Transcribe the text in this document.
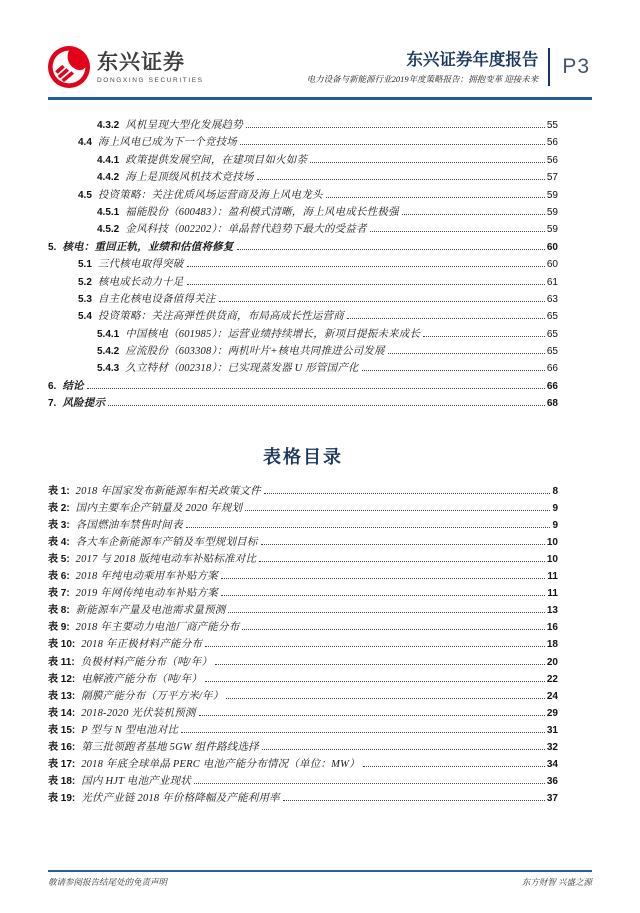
东兴证券
DONGXING SECURITIES
东兴证券年度报告
电力设备与新能源行业2019年度策略报告：拥抱变革 迎接未来
P3
4.3.2 风机呈现大型化发展趋势	55
4.4 海上风电已成为下一个竞技场	56
4.4.1 政策提供发展空间，在建项目如火如荼	56
4.4.2 海上是顶级风机技术竞技场	57
4.5 投资策略：关注优质风场运营商及海上风电龙头	59
4.5.1 福能股份（600483）：盈利模式清晰，海上风电成长性极强	59
4.5.2 金风科技（002202）：单晶替代趋势下最大的受益者	59
5. 核电：重回正轨，业绩和估值将修复	60
5.1 三代核电取得突破	60
5.2 核电成长动力十足	61
5.3 自主化核电设备值得关注	63
5.4 投资策略：关注高弹性供货商，布局高成长性运营商	65
5.4.1 中国核电（601985）：运营业绩持续增长，新项目提振未来成长	65
5.4.2 应流股份（603308）：两机叶片+核电共同推进公司发展	65
5.4.3 久立特材（002318）：已实现蒸发器 U 形管国产化	66
6. 结论	66
7. 风险提示	68
表格目录
表 1: 2018 年国家发布新能源车相关政策文件	8
表 2: 国内主要车企产销量及 2020 年规划	9
表 3: 各国燃油车禁售时间表	9
表 4: 各大车企新能源车产销及车型规划目标	10
表 5: 2017 与 2018 版纯电动车补贴标准对比	10
表 6: 2018 年纯电动乘用车补贴方案	11
表 7: 2019 年网传纯电动车补贴方案	11
表 8: 新能源车产量及电池需求量预测	13
表 9: 2018 年主要动力电池厂商产能分布	16
表 10: 2018 年正极材料产能分布	18
表 11: 负极材料产能分布（吨/年）	20
表 12: 电解液产能分布（吨/年）	22
表 13: 隔膜产能分布（万平方米/年）	24
表 14: 2018-2020 光伏装机预测	29
表 15: P 型与 N 型电池对比	31
表 16: 第三批领跑者基地 5GW 组件路线选择	32
表 17: 2018 年底全球单晶 PERC 电池产能分布情况（单位：MW）	34
表 18: 国内 HJT 电池产业现状	36
表 19: 光伏产业链 2018 年价格降幅及产能利用率	37
敬请参阅报告结尾处的免责声明	东方财智 兴盛之源
